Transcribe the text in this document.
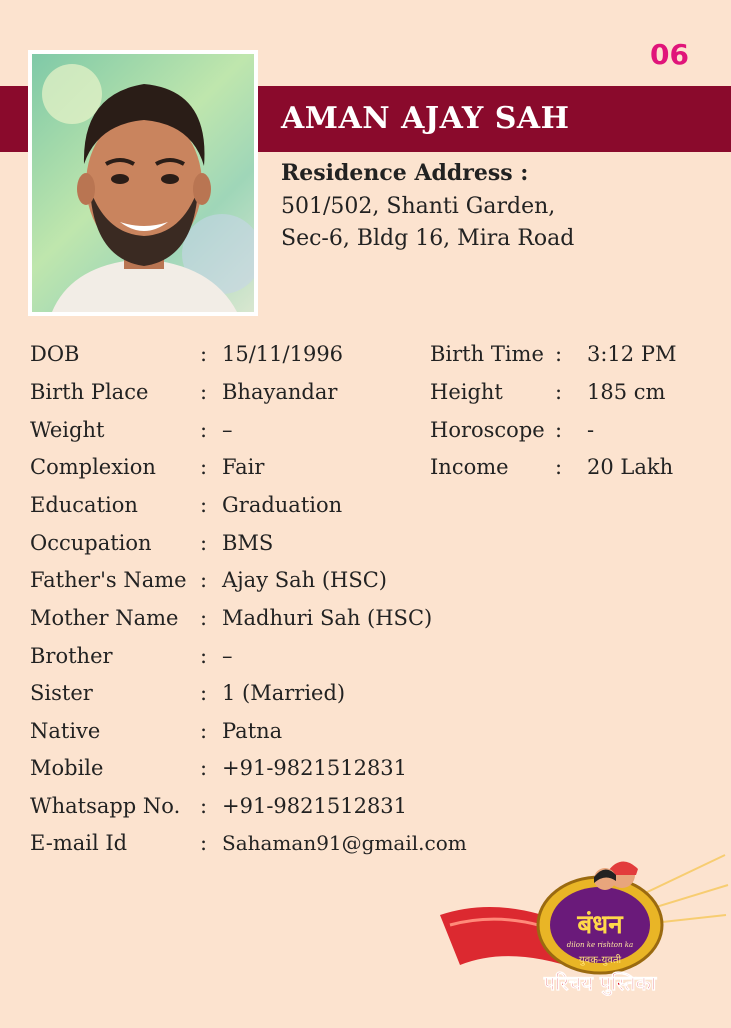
06
AMAN AJAY SAH
Residence Address :
501/502, Shanti Garden,
Sec-6, Bldg 16, Mira Road
DOB	: 15/11/1996
Birth Place : Bhayandar
Weight	: –
Complexion : Fair
Education	: Graduation
Occupation : BMS
Father's Name : Ajay Sah (HSC)
Mother Name : Madhuri Sah (HSC)
Brother	: –
Sister	: 1 (Married)
Native	: Patna
Mobile	: +91-9821512831
Whatsapp No. : +91-9821512831
E-mail Id	: Sahaman91@gmail.com
Birth Time : 3:12 PM
Height : 185 cm
Horoscope : -
Income : 20 Lakh
बंधन
dilon ke rishton ka
युवक-युवती
परिचय पुस्तिका
